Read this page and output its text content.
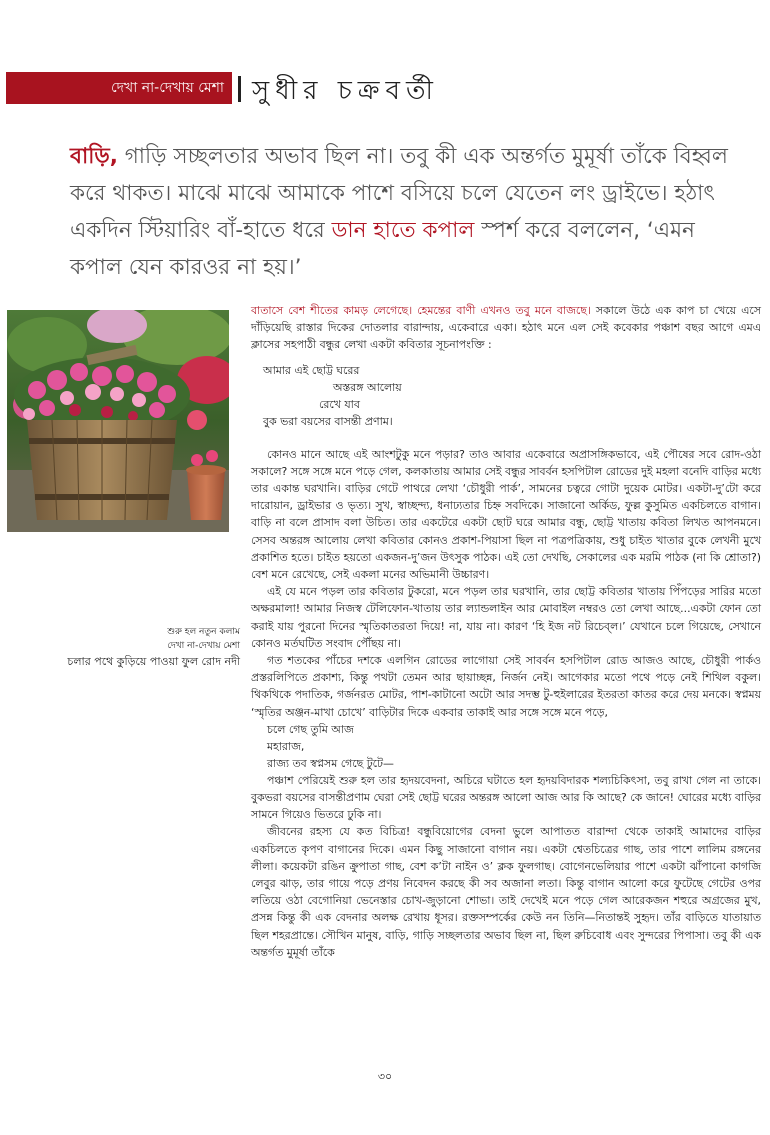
দেখা না-দেখায় মেশা	সুধীর চক্রবর্তী
বাড়ি, গাড়ি সচ্ছলতার অভাব ছিল না। তবু কী এক অন্তর্গত মুমূর্ষা তাঁকে বিহ্বল করে থাকত। মাঝে মাঝে আমাকে পাশে বসিয়ে চলে যেতেন লং ড্রাইভে। হঠাৎ একদিন স্টিয়ারিং বাঁ-হাতে ধরে ডান হাতে কপাল স্পর্শ করে বললেন, ‘এমন কপাল যেন কারওর না হয়।’
শুরু হল নতুন কলাম
দেখা না-দেখায় মেশা
চলার পথে কুড়িয়ে পাওয়া ফুল রোদ নদী

বাতাসে বেশ শীতের কামড় লেগেছে। হেমন্তের বাণী এখনও তবু মনে বাজছে। সকালে উঠে এক কাপ চা খেয়ে এসে দাঁড়িয়েছি রাস্তার দিকের দোতলার বারান্দায়, একেবারে একা। হঠাৎ মনে এল সেই কবেকার পঞ্চাশ বছর আগে এমএ ক্লাসের সহপাঠী বন্ধুর লেখা একটা কবিতার সূচনাপংক্তি :

আমার এই ছোট্ট ঘরের
অস্তরঙ্গ আলোয়
রেখে যাব
বুক ভরা বয়সের বাসন্তী প্রণাম।

কোনও মানে আছে এই আংশটুকু মনে পড়ার? তাও আবার একেবারে অপ্রাসঙ্গিকভাবে, এই পৌষের সবে রোদ-ওঠা সকালে? সঙ্গে সঙ্গে মনে পড়ে গেল, কলকাতায় আমার সেই বন্ধুর সাবর্বন হসপিটাল রোডের দুই মহলা বনেদি বাড়ির মধ্যে তার একান্ত ঘরখানি। বাড়ির গেটে পাথরে লেখা ‘চৌধুরী পার্ক’, সামনের চত্বরে গোটা দুয়েক মোটর। একটা-দু’টো করে দারোয়ান, ড্রাইভার ও ভৃত্য। সুখ, স্বাচ্ছন্দ্য, ধনাঢ্যতার চিহ্ন সবদিকে। সাজানো অর্কিড, ফুল্ল কুসুমিত একচিলতে বাগান। বাড়ি না বলে প্রাসাদ বলা উচিত। তার একটেরে একটা ছোট ঘরে আমার বন্ধু, ছোট্ট খাতায় কবিতা লিখত আপনমনে। সেসব অন্তরঙ্গ আলোয় লেখা কবিতার কোনও প্রকাশ-পিয়াসা ছিল না পত্রপত্রিকায়, শুধু চাইত খাতার বুকে লেখনী মুখে প্রকাশিত হতে। চাইত হয়তো একজন-দু’জন উৎসুক পাঠক। এই তো দেখছি, সেকালের এক মরমি পাঠক (না কি শ্রোতা?) বেশ মনে রেখেছে, সেই একলা মনের অভিমানী উচ্চারণ।

এই যে মনে পড়ল তার কবিতার টুকরো, মনে পড়ল তার ঘরখানি, তার ছোট্ট কবিতার খাতায় পিঁপড়ের সারির মতো অক্ষরমালা! আমার নিজস্ব টেলিফোন-খাতায় তার ল্যান্ডলাইন আর মোবাইল নম্বরও তো লেখা আছে...একটা ফোন তো করাই যায় পুরনো দিনের স্মৃতিকাতরতা দিয়ে! না, যায় না। কারণ ‘হি ইজ নট রিচেব্‌ল।’ যেখানে চলে গিয়েছে, সেখানে কোনও মর্তঘটিত সংবাদ পৌঁছয় না।

গত শতকের পাঁচের দশকে এলগিন রোডের লাগোয়া সেই সাবর্বন হসপিটাল রোড আজও আছে, চৌধুরী পার্কও প্রস্তরলিপিতে প্রকাশ্য, কিন্তু পথটা তেমন আর ছায়াচ্ছন্ন, নির্জন নেই। আগেকার মতো পথে পড়ে নেই শিথিল বকুল। থিকথিকে পদাতিক, গর্জনরত মোটর, পাশ-কাটানো অটো আর সদম্ভ টু-হুইলারের ইতরতা কাতর করে দেয় মনকে। স্বপ্নময় ‘স্মৃতির অঞ্জন-মাখা চোখে’ বাড়িটার দিকে একবার তাকাই আর সঙ্গে সঙ্গে মনে পড়ে,

চলে গেছ তুমি আজ
মহারাজ,
রাজ্য তব স্বপ্নসম গেছে টুটে—

পঞ্চাশ পেরিয়েই শুরু হল তার হৃদয়বেদনা, অচিরে ঘটাতে হল হৃদয়বিদারক শল্যচিকিৎসা, তবু রাখা গেল না তাকে। বুকভরা বয়সের বাসন্তীপ্রণাম ঘেরা সেই ছোট্ট ঘরের অন্তরঙ্গ আলো আজ আর কি আছে? কে জানে! ঘোরের মধ্যে বাড়ির সামনে গিয়েও ভিতরে ঢুকি না।

জীবনের রহস্য যে কত বিচিত্র! বন্ধুবিয়োগের বেদনা ভুলে আপাতত বারান্দা থেকে তাকাই আমাদের বাড়ির একচিলতে কৃপণ বাগানের দিকে। এমন কিছু সাজানো বাগান নয়। একটা শ্বেতচিত্রের গাছ, তার পাশে লালিম রঙ্গনের লীলা। কয়েকটা রঙিন ক্রুপাতা গাছ, বেশ ক’টা নাইন ও’ ক্লক ফুলগাছ। বোগেনভেলিয়ার পাশে একটা ঝাঁপানো কাগজি লেবুর ঝাড়, তার গায়ে পড়ে প্রণয় নিবেদন করছে কী সব অজানা লতা। কিন্তু বাগান আলো করে ফুটেছে গেটের ওপর লতিয়ে ওঠা বেগোনিয়া ভেনেস্তার চোখ-জুড়ানো শোভা। তাই দেখেই মনে পড়ে গেল আরেকজন শহুরে অগ্রজের মুখ, প্রসন্ন কিন্তু কী এক বেদনার অলক্ষ রেখায় ধূসর। রক্তসম্পর্কের কেউ নন তিনি—নিতান্তই সুহৃদ। তাঁর বাড়িতে যাতায়াত ছিল শহরপ্রান্তে। সৌখিন মানুষ, বাড়ি, গাড়ি সচ্ছলতার অভাব ছিল না, ছিল রুচিবোধ এবং সুন্দরের পিপাসা। তবু কী এক অন্তর্গত মুমূর্ষা তাঁকে

৩০
